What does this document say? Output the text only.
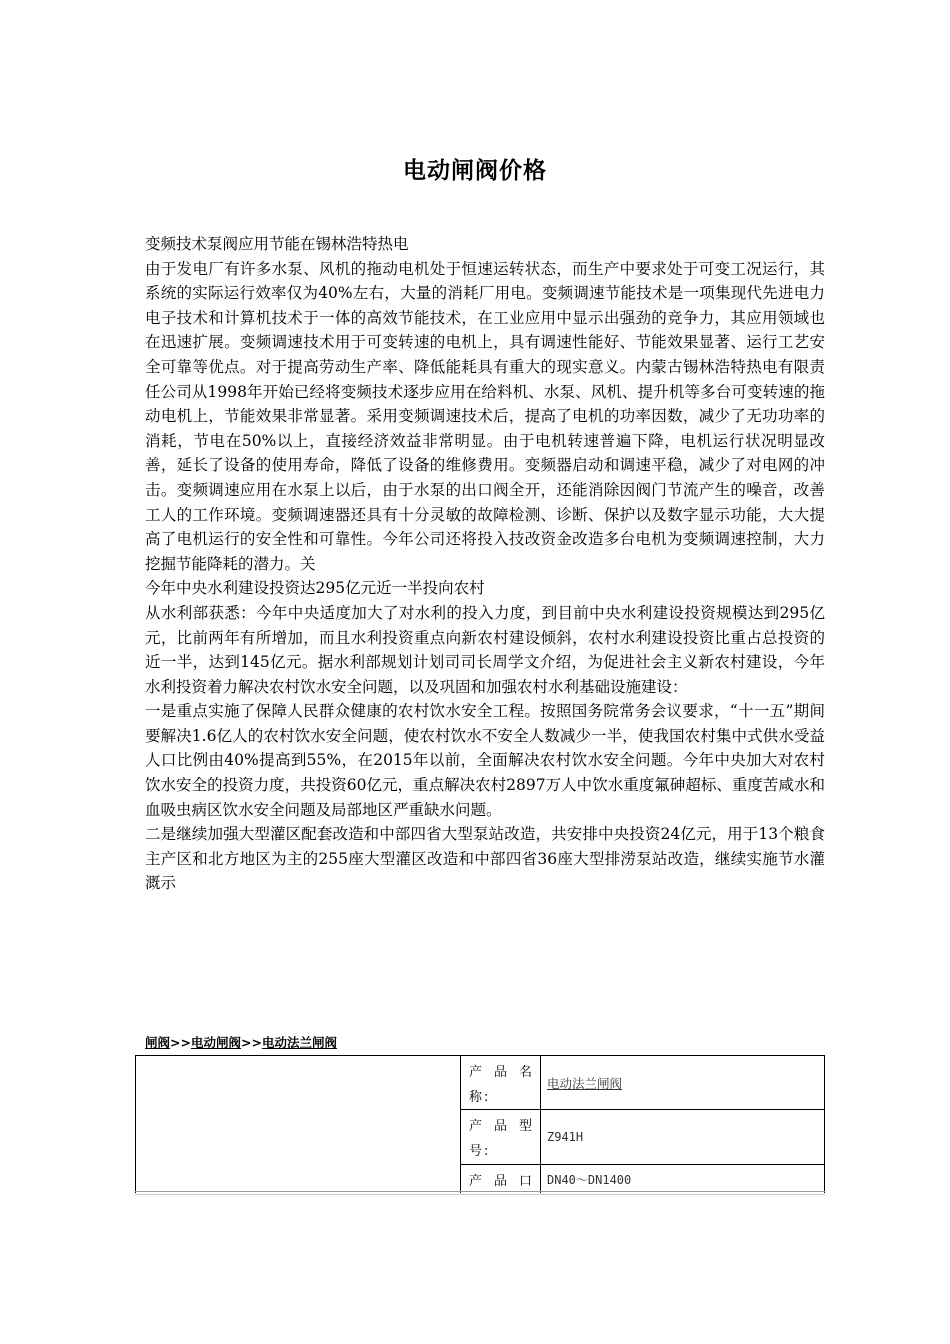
电动闸阀价格

变频技术泵阀应用节能在锡林浩特热电

由于发电厂有许多水泵、风机的拖动电机处于恒速运转状态，而生产中要求处于可变工况运行，其系统的实际运行效率仅为40%左右，大量的消耗厂用电。变频调速节能技术是一项集现代先进电力电子技术和计算机技术于一体的高效节能技术，在工业应用中显示出强劲的竞争力，其应用领域也在迅速扩展。变频调速技术用于可变转速的电机上，具有调速性能好、节能效果显著、运行工艺安全可靠等优点。对于提高劳动生产率、降低能耗具有重大的现实意义。内蒙古锡林浩特热电有限责任公司从1998年开始已经将变频技术逐步应用在给料机、水泵、风机、提升机等多台可变转速的拖动电机上，节能效果非常显著。采用变频调速技术后，提高了电机的功率因数，减少了无功功率的消耗，节电在50%以上，直接经济效益非常明显。由于电机转速普遍下降，电机运行状况明显改善，延长了设备的使用寿命，降低了设备的维修费用。变频器启动和调速平稳，减少了对电网的冲击。变频调速应用在水泵上以后，由于水泵的出口阀全开，还能消除因阀门节流产生的噪音，改善工人的工作环境。变频调速器还具有十分灵敏的故障检测、诊断、保护以及数字显示功能，大大提高了电机运行的安全性和可靠性。今年公司还将投入技改资金改造多台电机为变频调速控制，大力挖掘节能降耗的潜力。关

今年中央水利建设投资达295亿元近一半投向农村

从水利部获悉：今年中央适度加大了对水利的投入力度，到目前中央水利建设投资规模达到295亿元，比前两年有所增加，而且水利投资重点向新农村建设倾斜，农村水利建设投资比重占总投资的近一半，达到145亿元。据水利部规划计划司司长周学文介绍，为促进社会主义新农村建设，今年水利投资着力解决农村饮水安全问题，以及巩固和加强农村水利基础设施建设：

一是重点实施了保障人民群众健康的农村饮水安全工程。按照国务院常务会议要求，“十一五”期间要解决1.6亿人的农村饮水安全问题，使农村饮水不安全人数减少一半，使我国农村集中式供水受益人口比例由40%提高到55%，在2015年以前，全面解决农村饮水安全问题。今年中央加大对农村饮水安全的投资力度，共投资60亿元，重点解决农村2897万人中饮水重度氟砷超标、重度苦咸水和血吸虫病区饮水安全问题及局部地区严重缺水问题。

二是继续加强大型灌区配套改造和中部四省大型泵站改造，共安排中央投资24亿元，用于13个粮食主产区和北方地区为主的255座大型灌区改造和中部四省36座大型排涝泵站改造，继续实施节水灌溉示

闸阀>>电动闸阀>>电动法兰闸阀
产 品 名
称:
电动法兰闸阀
产 品 型
号:
Z941H
产 品 口	DN40～DN1400
